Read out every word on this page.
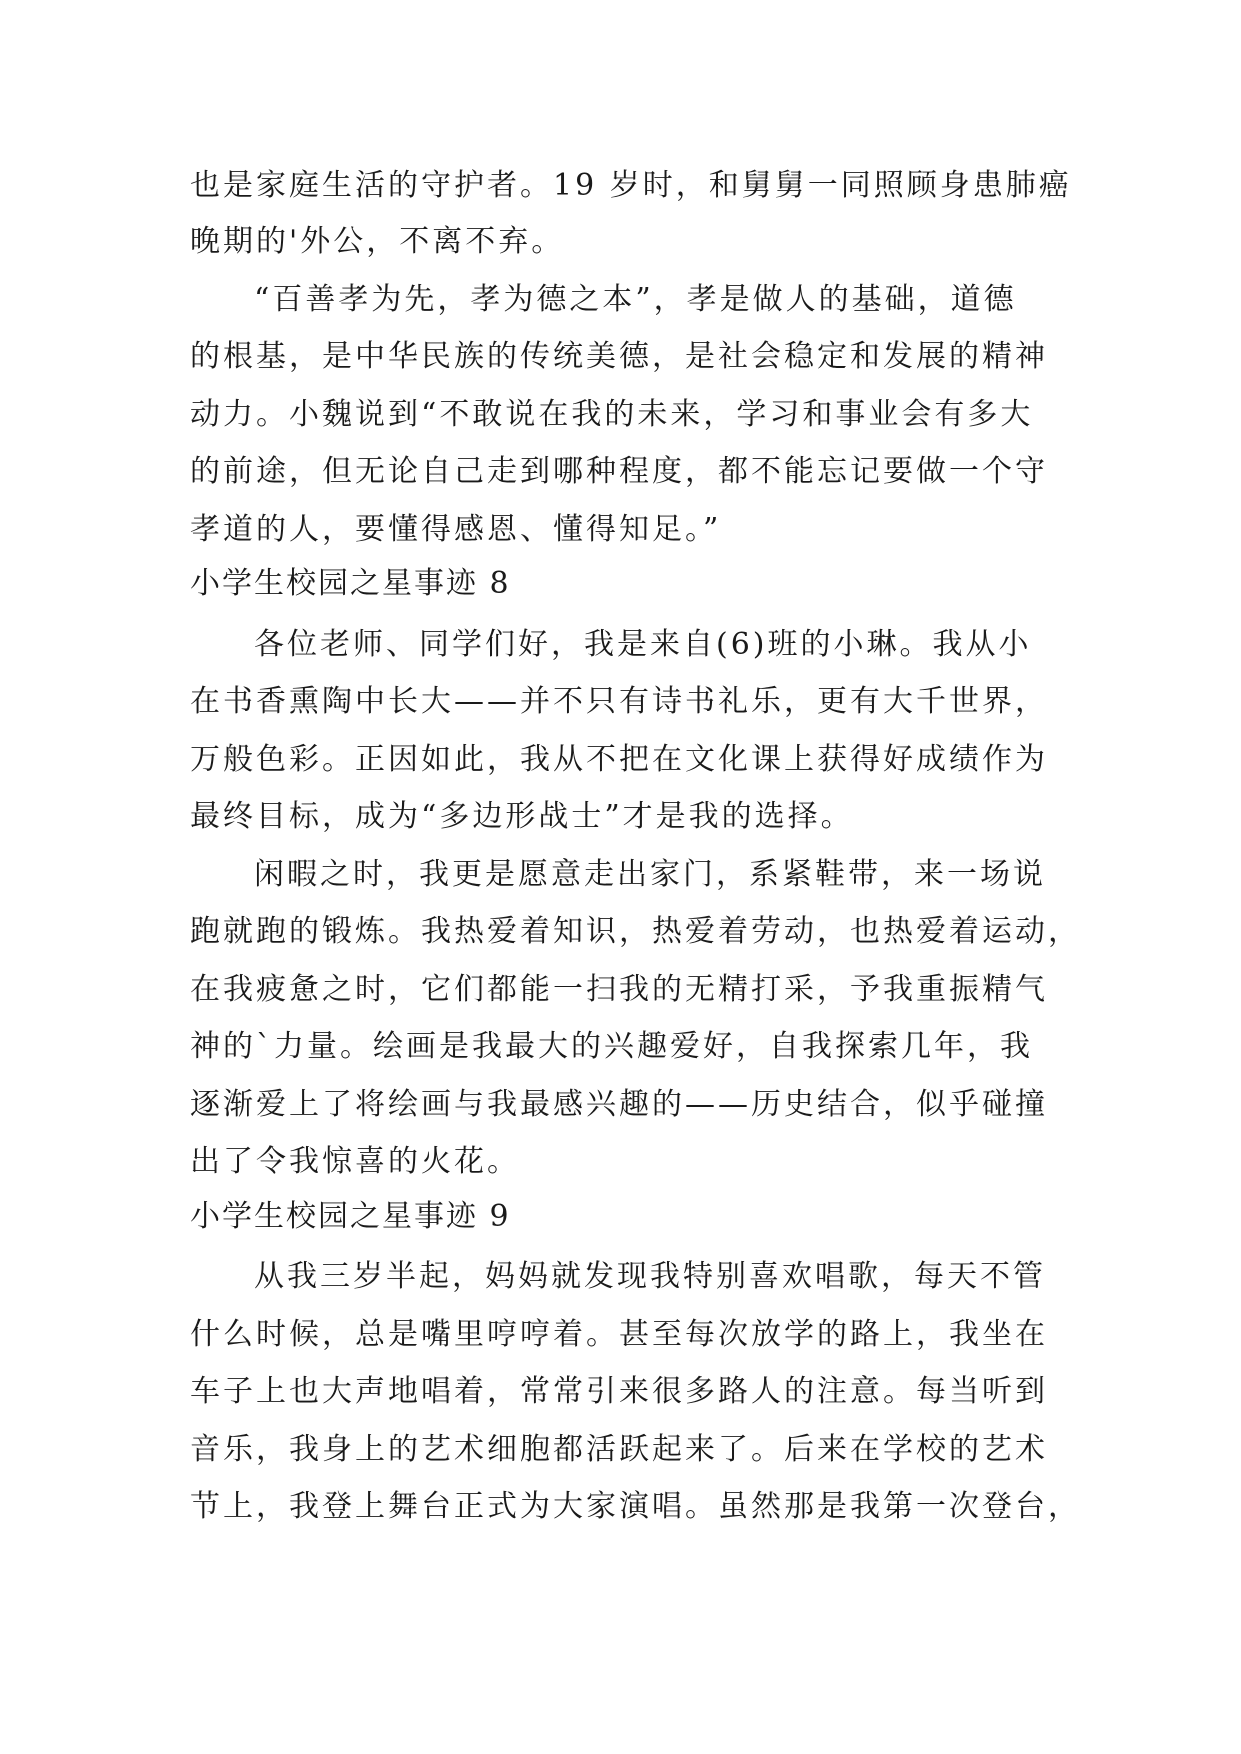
也是家庭生活的守护者。19 岁时，和舅舅一同照顾身患肺癌
晚期的'外公，不离不弃。
“百善孝为先，孝为德之本”，孝是做人的基础，道德
的根基，是中华民族的传统美德，是社会稳定和发展的精神
动力。小魏说到“不敢说在我的未来，学习和事业会有多大
的前途，但无论自己走到哪种程度，都不能忘记要做一个守
孝道的人，要懂得感恩、懂得知足。”
小学生校园之星事迹 8
各位老师、同学们好，我是来自(6)班的小琳。我从小
在书香熏陶中长大——并不只有诗书礼乐，更有大千世界，
万般色彩。正因如此，我从不把在文化课上获得好成绩作为
最终目标，成为“多边形战士”才是我的选择。
闲暇之时，我更是愿意走出家门，系紧鞋带，来一场说
跑就跑的锻炼。我热爱着知识，热爱着劳动，也热爱着运动，
在我疲惫之时，它们都能一扫我的无精打采，予我重振精气
神的`力量。绘画是我最大的兴趣爱好，自我探索几年，我
逐渐爱上了将绘画与我最感兴趣的——历史结合，似乎碰撞
出了令我惊喜的火花。
小学生校园之星事迹 9
从我三岁半起，妈妈就发现我特别喜欢唱歌，每天不管
什么时候，总是嘴里哼哼着。甚至每次放学的路上，我坐在
车子上也大声地唱着，常常引来很多路人的注意。每当听到
音乐，我身上的艺术细胞都活跃起来了。后来在学校的艺术
节上，我登上舞台正式为大家演唱。虽然那是我第一次登台，
